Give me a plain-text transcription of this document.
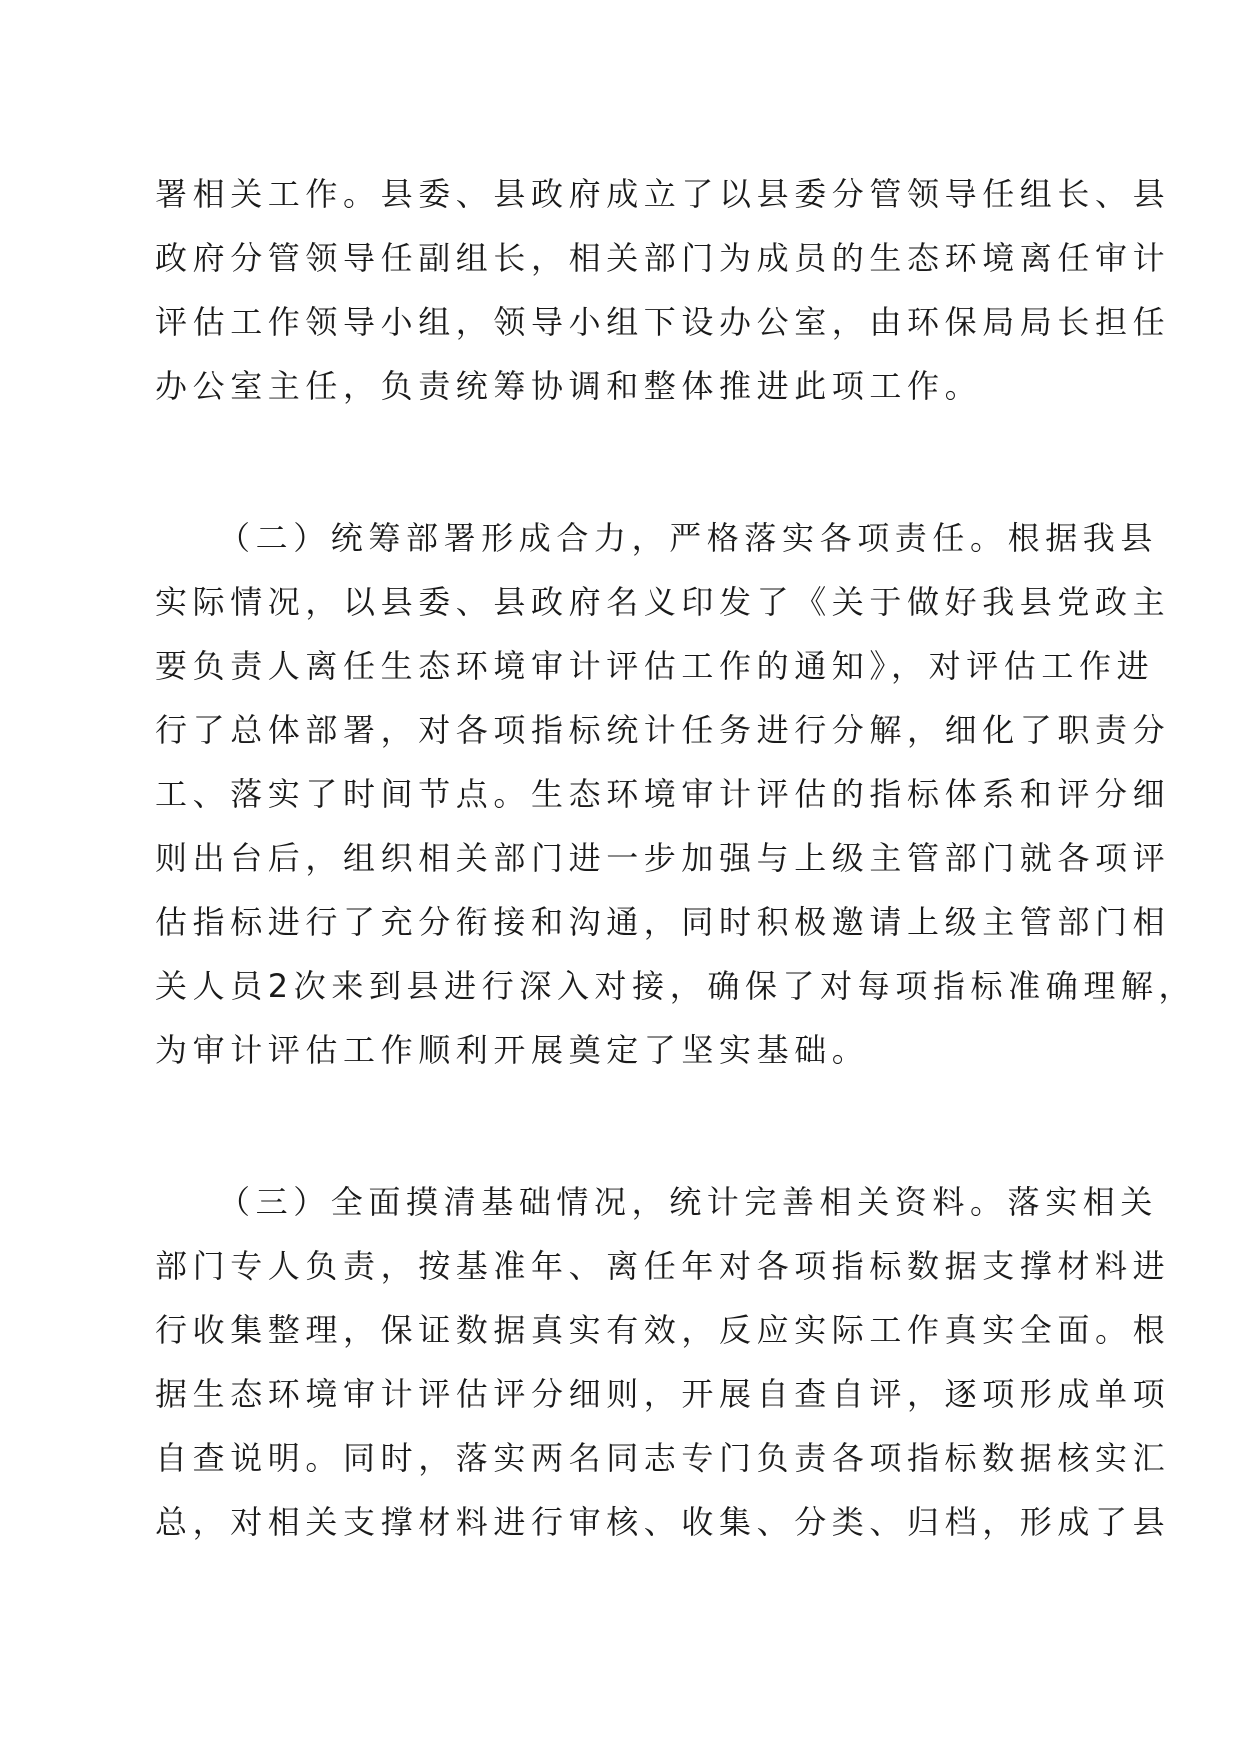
署相关工作。县委、县政府成立了以县委分管领导任组长、县
政府分管领导任副组长，相关部门为成员的生态环境离任审计
评估工作领导小组，领导小组下设办公室，由环保局局长担任
办公室主任，负责统筹协调和整体推进此项工作。
（二）统筹部署形成合力，严格落实各项责任。根据我县
实际情况，以县委、县政府名义印发了《关于做好我县党政主
要负责人离任生态环境审计评估工作的通知》，对评估工作进
行了总体部署，对各项指标统计任务进行分解，细化了职责分
工、落实了时间节点。生态环境审计评估的指标体系和评分细
则出台后，组织相关部门进一步加强与上级主管部门就各项评
估指标进行了充分衔接和沟通，同时积极邀请上级主管部门相
关人员2次来到县进行深入对接，确保了对每项指标准确理解，
为审计评估工作顺利开展奠定了坚实基础。
（三）全面摸清基础情况，统计完善相关资料。落实相关
部门专人负责，按基准年、离任年对各项指标数据支撑材料进
行收集整理，保证数据真实有效，反应实际工作真实全面。根
据生态环境审计评估评分细则，开展自查自评，逐项形成单项
自查说明。同时，落实两名同志专门负责各项指标数据核实汇
总，对相关支撑材料进行审核、收集、分类、归档，形成了县
